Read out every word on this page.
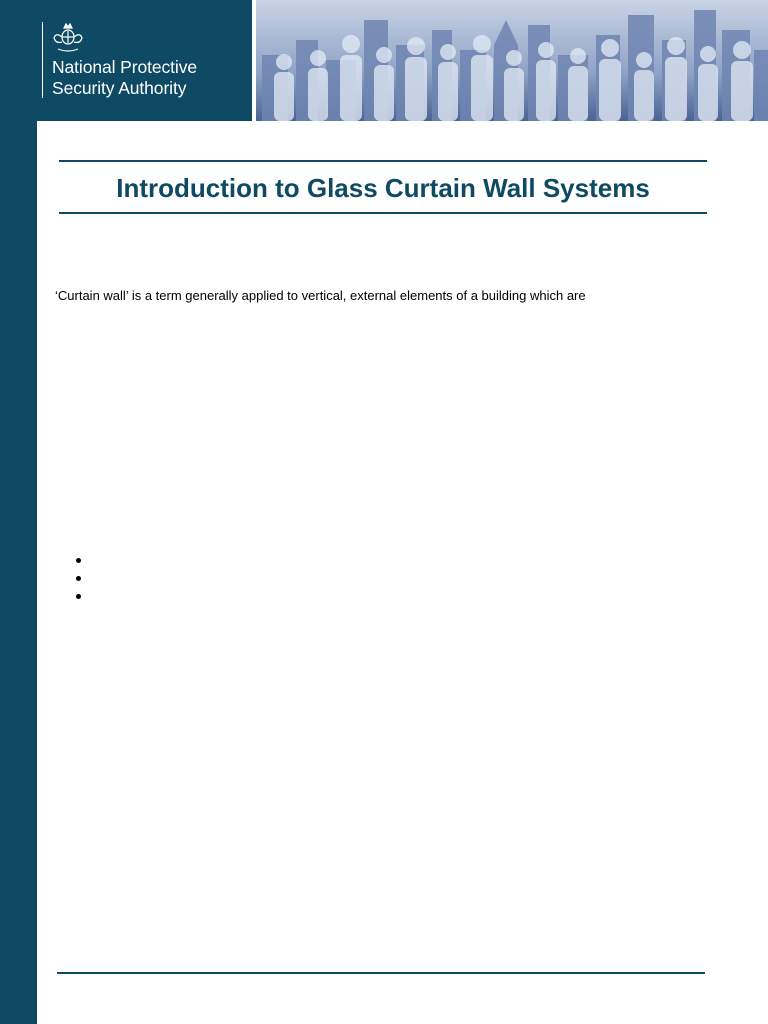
National Protective
Security Authority
Introduction to Glass Curtain Wall Systems

‘Curtain wall’ is a term generally applied to vertical, external elements of a building which are
